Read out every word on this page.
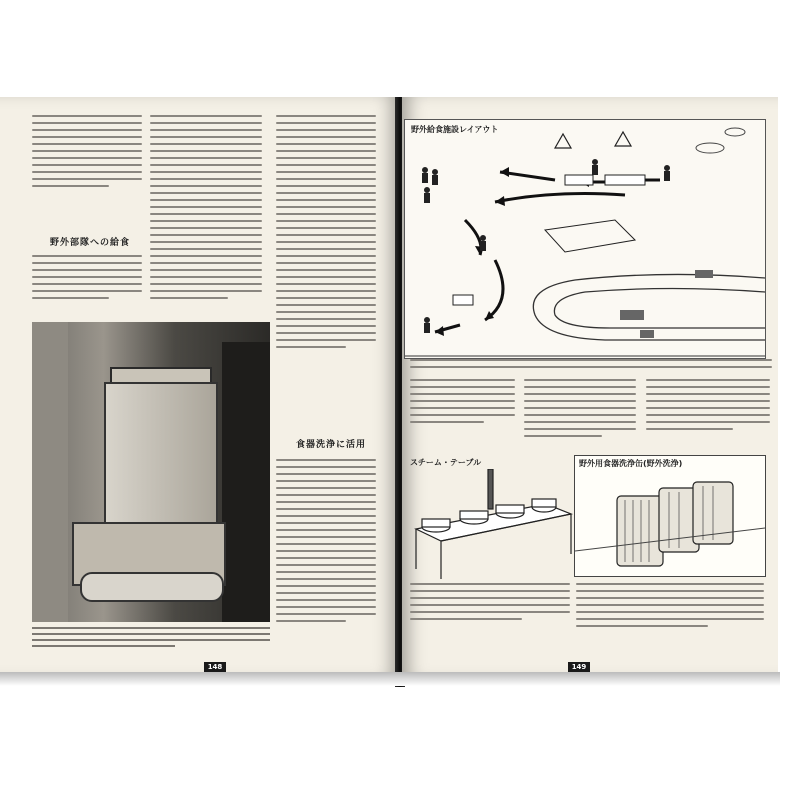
野外部隊への給食
食器洗浄に活用
148
野外給食施設レイアウト
スチーム・テーブル	野外用食器洗浄缶(野外洗浄)
149
